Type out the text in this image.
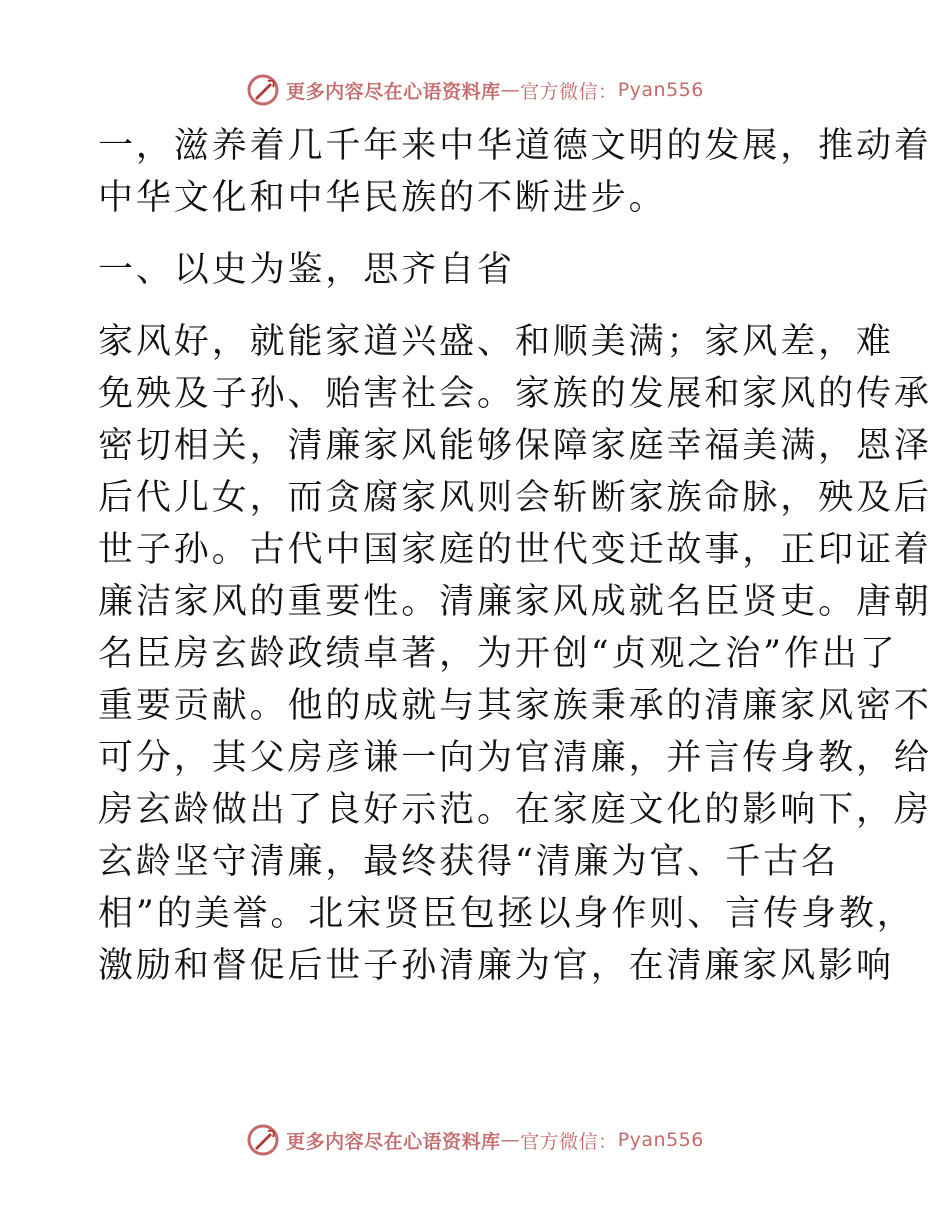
更多内容尽在心语资料库 — 官方微信： Pyan556
一，滋养着几千年来中华道德文明的发展，推动着
中华文化和中华民族的不断进步。
一、以史为鉴，思齐自省
家风好，就能家道兴盛、和顺美满；家风差，难
免殃及子孙、贻害社会。家族的发展和家风的传承
密切相关，清廉家风能够保障家庭幸福美满，恩泽
后代儿女，而贪腐家风则会斩断家族命脉，殃及后
世子孙。古代中国家庭的世代变迁故事，正印证着
廉洁家风的重要性。清廉家风成就名臣贤吏。唐朝
名臣房玄龄政绩卓著，为开创“贞观之治”作出了
重要贡献。他的成就与其家族秉承的清廉家风密不
可分，其父房彦谦一向为官清廉，并言传身教，给
房玄龄做出了良好示范。在家庭文化的影响下，房
玄龄坚守清廉，最终获得“清廉为官、千古名
相”的美誉。北宋贤臣包拯以身作则、言传身教，
激励和督促后世子孙清廉为官，在清廉家风影响
更多内容尽在心语资料库 — 官方微信： Pyan556
